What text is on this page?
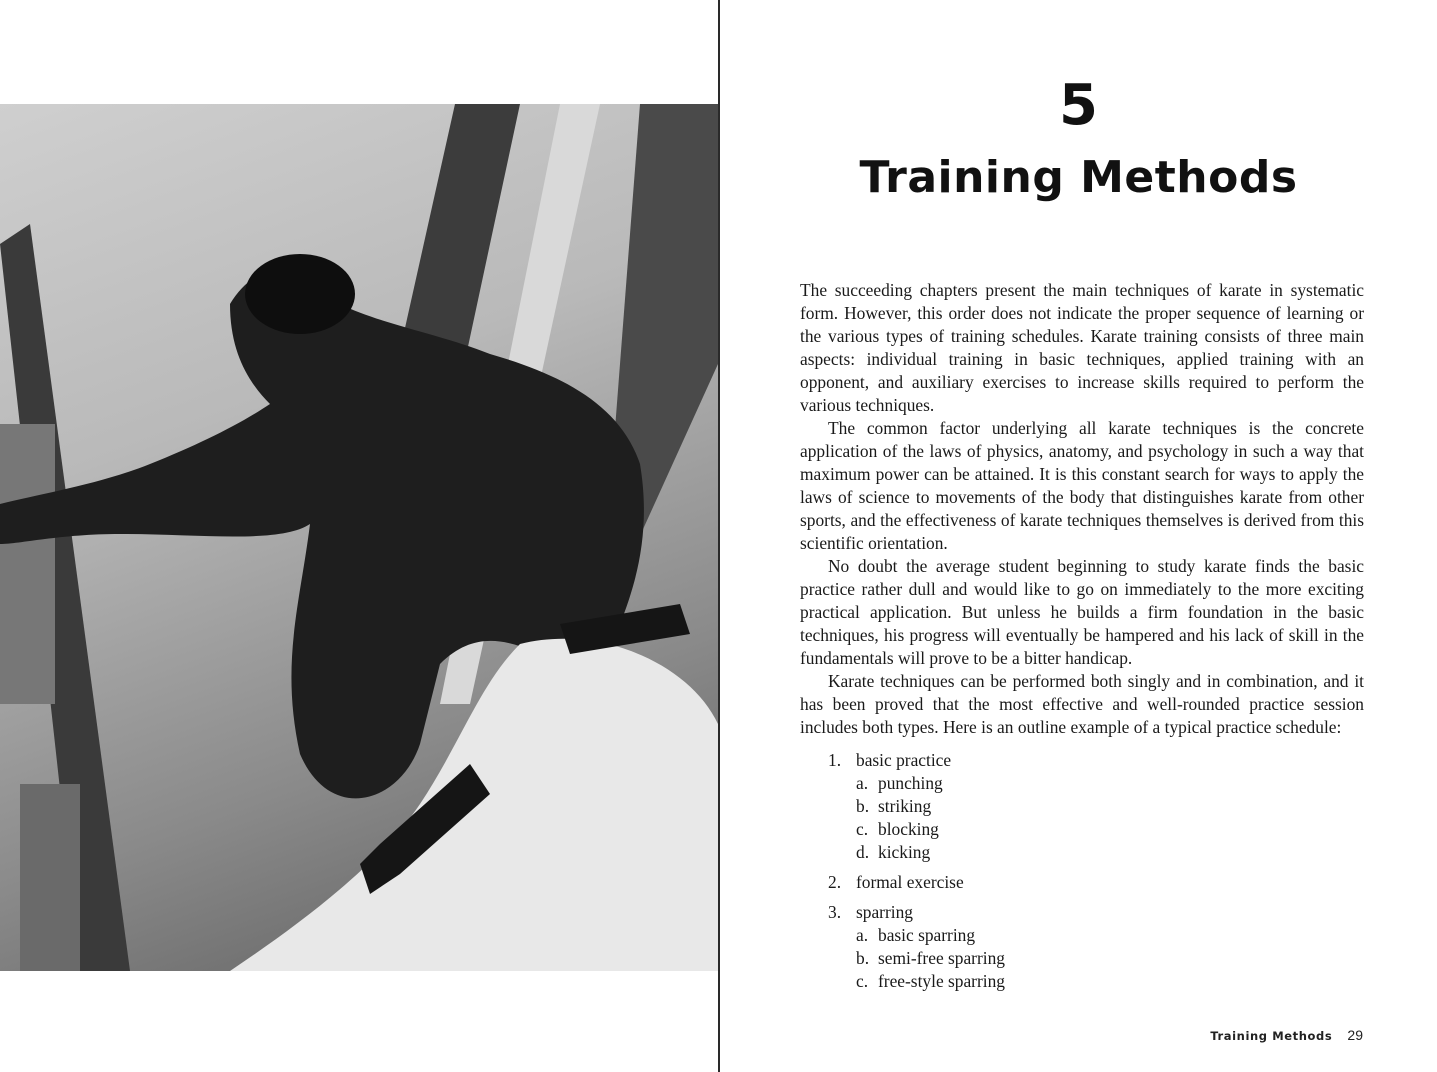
5
Training Methods

The succeeding chapters present the main techniques of karate in systematic form. However, this order does not indicate the proper sequence of learning or the various types of training schedules. Karate training consists of three main aspects: individual training in basic techniques, applied training with an opponent, and auxiliary exercises to increase skills required to perform the various techniques.

The common factor underlying all karate techniques is the concrete application of the laws of physics, anatomy, and psychology in such a way that maximum power can be attained. It is this constant search for ways to apply the laws of science to movements of the body that distinguishes karate from other sports, and the effectiveness of karate techniques themselves is derived from this scientific orientation.

No doubt the average student beginning to study karate finds the basic practice rather dull and would like to go on immediately to the more exciting practical application. But unless he builds a firm foundation in the basic techniques, his progress will eventually be hampered and his lack of skill in the fundamentals will prove to be a bitter handicap.

Karate techniques can be performed both singly and in combination, and it has been proved that the most effective and well-rounded practice session includes both types. Here is an outline example of a typical practice schedule:

1. basic practice
a. punching
b. striking
c. blocking
d. kicking
2. formal exercise
3. sparring
a. basic sparring
b. semi-free sparring
c. free-style sparring
Training Methods 29
